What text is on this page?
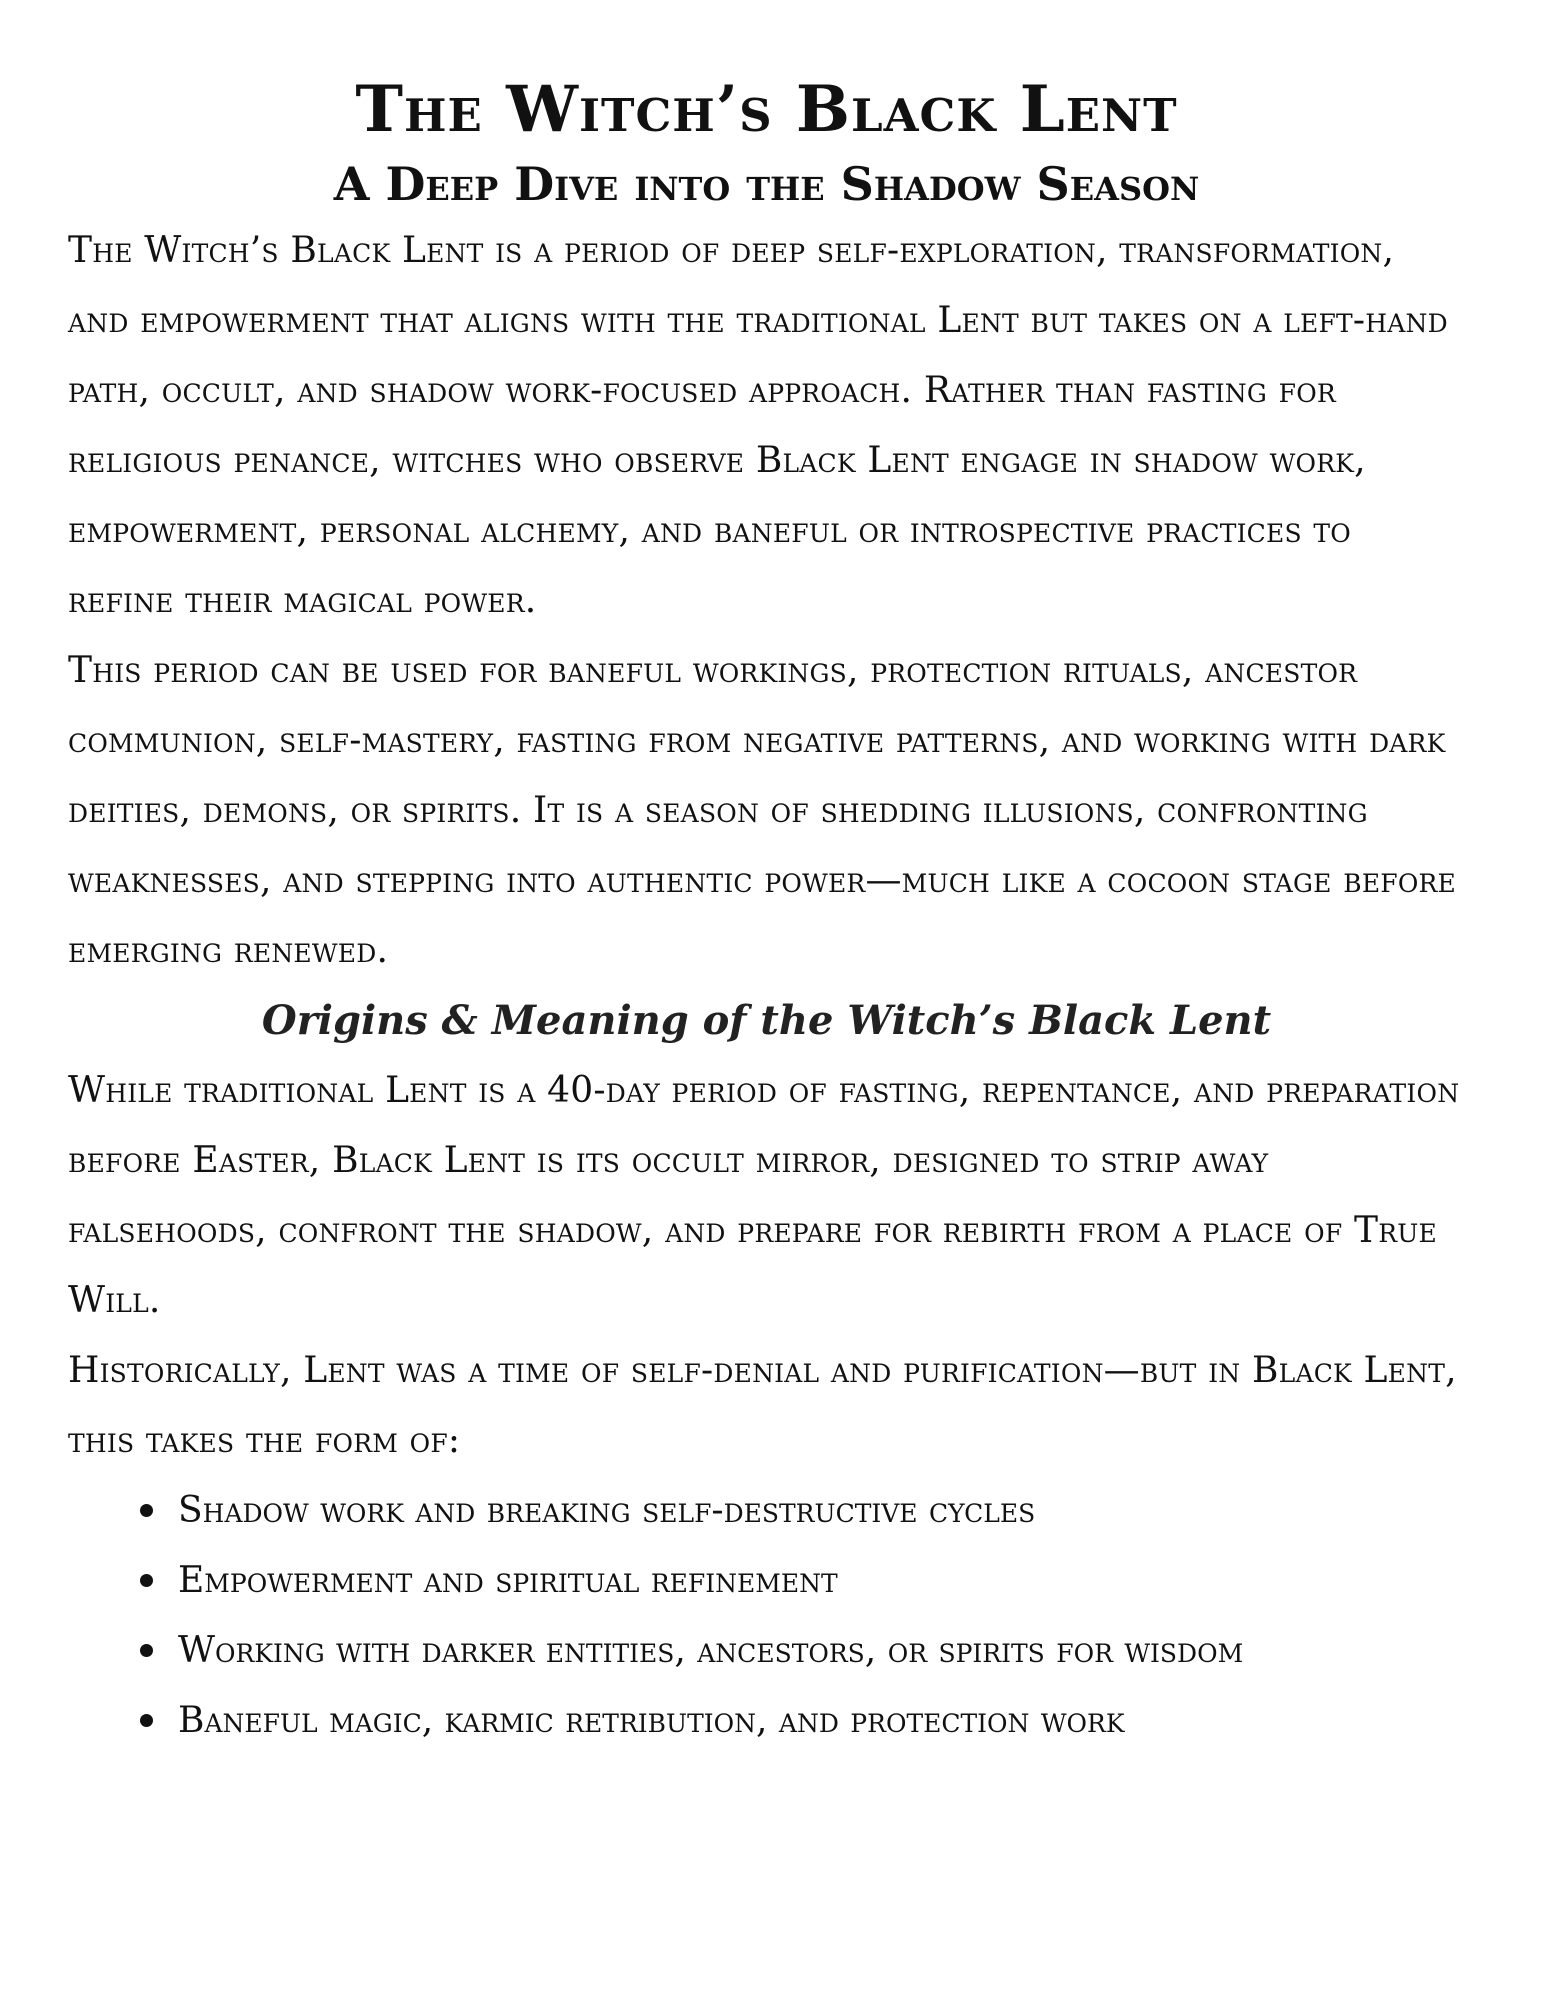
The Witch’s Black Lent
A Deep Dive into the Shadow Season

The Witch’s Black Lent is a period of deep self-exploration, transformation, and empowerment that aligns with the traditional Lent but takes on a left-hand path, occult, and shadow work-focused approach. Rather than fasting for religious penance, witches who observe Black Lent engage in shadow work, empowerment, personal alchemy, and baneful or introspective practices to refine their magical power.

This period can be used for baneful workings, protection rituals, ancestor communion, self-mastery, fasting from negative patterns, and working with dark deities, demons, or spirits. It is a season of shedding illusions, confronting weaknesses, and stepping into authentic power—much like a cocoon stage before emerging renewed.

Origins & Meaning of the Witch’s Black Lent

While traditional Lent is a 40-day period of fasting, repentance, and preparation before Easter, Black Lent is its occult mirror, designed to strip away falsehoods, confront the shadow, and prepare for rebirth from a place of True Will.

Historically, Lent was a time of self-denial and purification—but in Black Lent, this takes the form of:

Shadow work and breaking self-destructive cycles
Empowerment and spiritual refinement
Working with darker entities, ancestors, or spirits for wisdom
Baneful magic, karmic retribution, and protection work
